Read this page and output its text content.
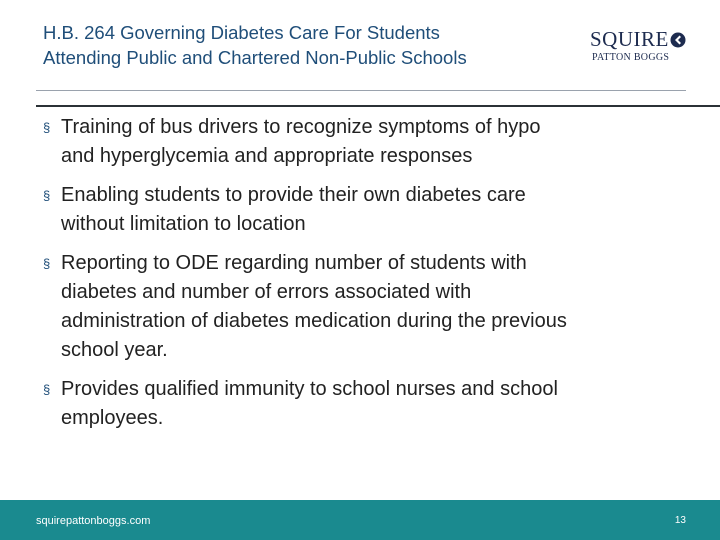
H.B. 264 Governing Diabetes Care For Students
Attending Public and Chartered Non-Public Schools
SQUIRE
PATTON BOGGS
§ Training of bus drivers to recognize symptoms of hypo
and hyperglycemia and appropriate responses
§ Enabling students to provide their own diabetes care
without limitation to location
§ Reporting to ODE regarding number of students with
diabetes and number of errors associated with
administration of diabetes medication during the previous
school year.
§ Provides qualified immunity to school nurses and school
employees.
squirepattonboggs.com	13
